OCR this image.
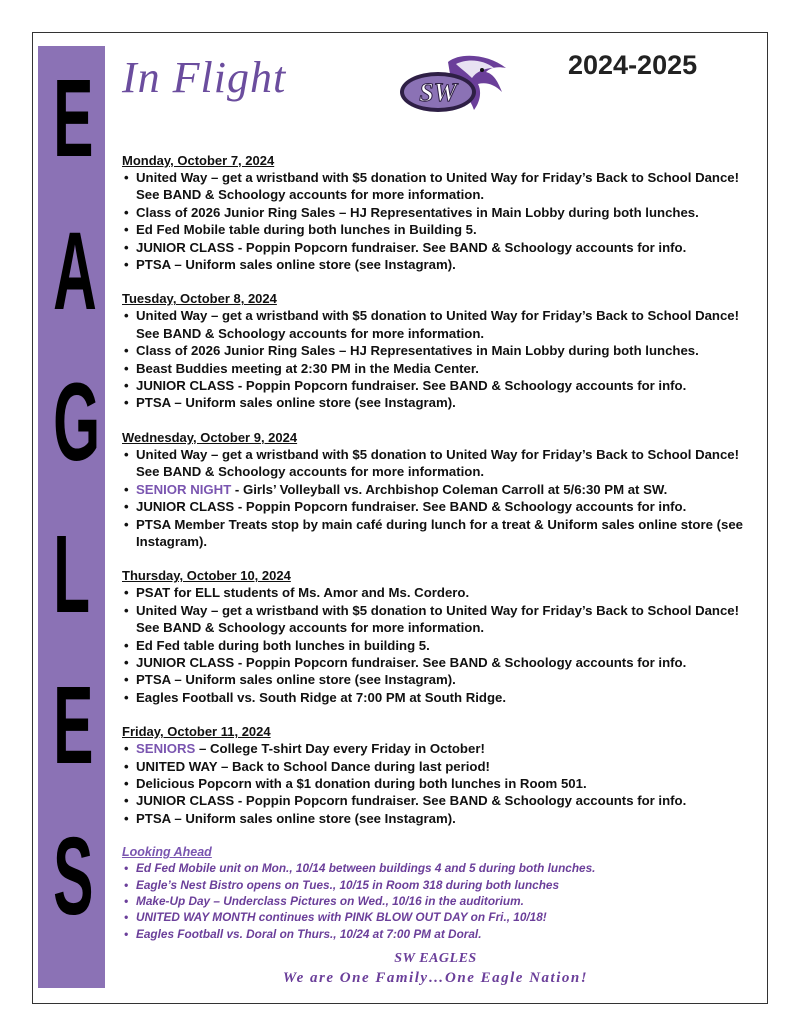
E
A
G
L
E
S
In Flight	SW
2024-2025
Monday, October 7, 2024
• United Way – get a wristband with $5 donation to United Way for Friday’s Back to School Dance! See BAND & Schoology accounts for more information.
• Class of 2026 Junior Ring Sales – HJ Representatives in Main Lobby during both lunches.
• Ed Fed Mobile table during both lunches in Building 5.
• JUNIOR CLASS - Poppin Popcorn fundraiser. See BAND & Schoology accounts for info.
• PTSA – Uniform sales online store (see Instagram).
Tuesday, October 8, 2024
• United Way – get a wristband with $5 donation to United Way for Friday’s Back to School Dance! See BAND & Schoology accounts for more information.
• Class of 2026 Junior Ring Sales – HJ Representatives in Main Lobby during both lunches.
• Beast Buddies meeting at 2:30 PM in the Media Center.
• JUNIOR CLASS - Poppin Popcorn fundraiser. See BAND & Schoology accounts for info.
• PTSA – Uniform sales online store (see Instagram).
Wednesday, October 9, 2024
• United Way – get a wristband with $5 donation to United Way for Friday’s Back to School Dance! See BAND & Schoology accounts for more information.
• SENIOR NIGHT - Girls’ Volleyball vs. Archbishop Coleman Carroll at 5/6:30 PM at SW.
• JUNIOR CLASS - Poppin Popcorn fundraiser. See BAND & Schoology accounts for info.
• PTSA Member Treats stop by main café during lunch for a treat & Uniform sales online store (see Instagram).
Thursday, October 10, 2024
• PSAT for ELL students of Ms. Amor and Ms. Cordero.
• United Way – get a wristband with $5 donation to United Way for Friday’s Back to School Dance! See BAND & Schoology accounts for more information.
• Ed Fed table during both lunches in building 5.
• JUNIOR CLASS - Poppin Popcorn fundraiser. See BAND & Schoology accounts for info.
• PTSA – Uniform sales online store (see Instagram).
• Eagles Football vs. South Ridge at 7:00 PM at South Ridge.
Friday, October 11, 2024
• SENIORS – College T-shirt Day every Friday in October!
• UNITED WAY – Back to School Dance during last period!
• Delicious Popcorn with a $1 donation during both lunches in Room 501.
• JUNIOR CLASS - Poppin Popcorn fundraiser. See BAND & Schoology accounts for info.
• PTSA – Uniform sales online store (see Instagram).
Looking Ahead
• Ed Fed Mobile unit on Mon., 10/14 between buildings 4 and 5 during both lunches.
• Eagle’s Nest Bistro opens on Tues., 10/15 in Room 318 during both lunches
• Make-Up Day – Underclass Pictures on Wed., 10/16 in the auditorium.
• UNITED WAY MONTH continues with PINK BLOW OUT DAY on Fri., 10/18!
• Eagles Football vs. Doral on Thurs., 10/24 at 7:00 PM at Doral.
SW EAGLES
We are One Family…One Eagle Nation!
